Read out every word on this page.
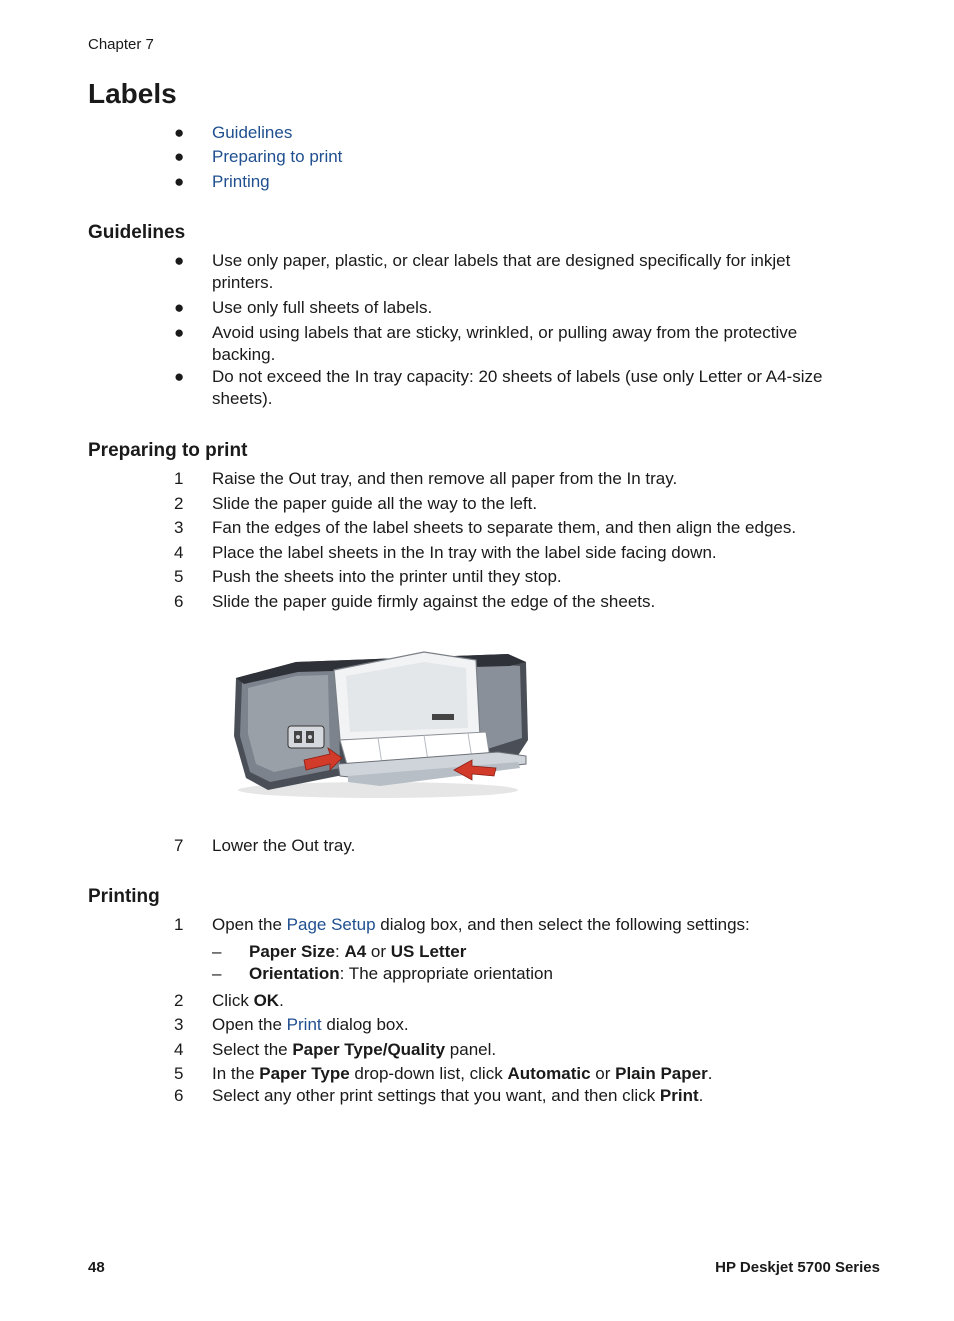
Chapter 7
Labels
●	Guidelines
●	Preparing to print
●	Printing
Guidelines
●	Use only paper, plastic, or clear labels that are designed specifically for inkjet
printers.
●	Use only full sheets of labels.
●	Avoid using labels that are sticky, wrinkled, or pulling away from the protective
backing.
●	Do not exceed the In tray capacity: 20 sheets of labels (use only Letter or A4-size
sheets).
Preparing to print
1	Raise the Out tray, and then remove all paper from the In tray.
2	Slide the paper guide all the way to the left.
3	Fan the edges of the label sheets to separate them, and then align the edges.
4	Place the label sheets in the In tray with the label side facing down.
5	Push the sheets into the printer until they stop.
6	Slide the paper guide firmly against the edge of the sheets.
7	Lower the Out tray.
Printing
1	Open the Page Setup dialog box, and then select the following settings:
– Paper Size: A4 or US Letter
– Orientation: The appropriate orientation
2	Click OK.
3	Open the Print dialog box.
4	Select the Paper Type/Quality panel.
5	In the Paper Type drop-down list, click Automatic or Plain Paper.
6	Select any other print settings that you want, and then click Print.
48	HP Deskjet 5700 Series
